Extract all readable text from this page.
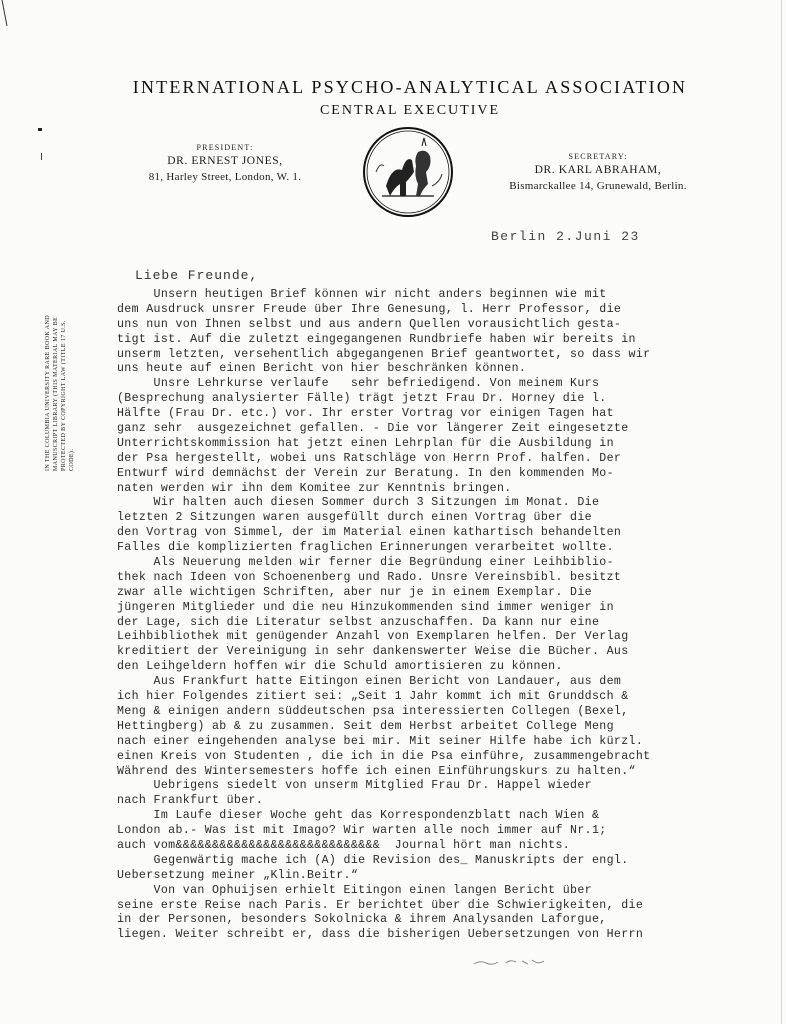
INTERNATIONAL PSYCHO-ANALYTICAL ASSOCIATION
CENTRAL EXECUTIVE
PRESIDENT:
DR. ERNEST JONES,
81, Harley Street, London, W. 1.
SECRETARY:
DR. KARL ABRAHAM,
Bismarckallee 14, Grunewald, Berlin.
IN THE COLUMBIA UNIVERSITY RARE BOOK AND MANUSCRIPT LIBRARY (THIS MATERIAL MAY BE PROTECTED BY COPYRIGHT LAW (TITLE 17 U.S. CODE).
Berlin 2.Juni 23
Liebe Freunde,
Unsern heutigen Brief können wir nicht anders beginnen wie mit
dem Ausdruck unsrer Freude über Ihre Genesung, l. Herr Professor, die
uns nun von Ihnen selbst und aus andern Quellen vorausichtlich gesta-
tigt ist. Auf die zuletzt eingegangenen Rundbriefe haben wir bereits in
unserm letzten, versehentlich abgegangenen Brief geantwortet, so dass wir
uns heute auf einen Bericht von hier beschränken können.
Unsre Lehrkurse verlaufe   sehr befriedigend. Von meinem Kurs
(Besprechung analysierter Fälle) trägt jetzt Frau Dr. Horney die l.
Hälfte (Frau Dr. etc.) vor. Ihr erster Vortrag vor einigen Tagen hat
ganz sehr  ausgezeichnet gefallen. - Die vor längerer Zeit eingesetzte
Unterrichtskommission hat jetzt einen Lehrplan für die Ausbildung in
der Psa hergestellt, wobei uns Ratschläge von Herrn Prof. halfen. Der
Entwurf wird demnächst der Verein zur Beratung. In den kommenden Mo-
naten werden wir ihn dem Komitee zur Kenntnis bringen.
Wir halten auch diesen Sommer durch 3 Sitzungen im Monat. Die
letzten 2 Sitzungen waren ausgefüllt durch einen Vortrag über die
den Vortrag von Simmel, der im Material einen kathartisch behandelten
Falles die komplizierten fraglichen Erinnerungen verarbeitet wollte.
Als Neuerung melden wir ferner die Begründung einer Leihbiblio-
thek nach Ideen von Schoenenberg und Rado. Unsre Vereinsbibl. besitzt
zwar alle wichtigen Schriften, aber nur je in einem Exemplar. Die
jüngeren Mitglieder und die neu Hinzukommenden sind immer weniger in
der Lage, sich die Literatur selbst anzuschaffen. Da kann nur eine
Leihbibliothek mit genügender Anzahl von Exemplaren helfen. Der Verlag
kreditiert der Vereinigung in sehr dankenswerter Weise die Bücher. Aus
den Leihgeldern hoffen wir die Schuld amortisieren zu können.
Aus Frankfurt hatte Eitingon einen Bericht von Landauer, aus dem
ich hier Folgendes zitiert sei: „Seit 1 Jahr kommt ich mit Grunddsch &
Meng & einigen andern süddeutschen psa interessierten Collegen (Bexel,
Hettingberg) ab & zu zusammen. Seit dem Herbst arbeitet College Meng
nach einer eingehenden analyse bei mir. Mit seiner Hilfe habe ich kürzl.
einen Kreis von Studenten , die ich in die Psa einführe, zusammengebracht
Während des Wintersemesters hoffe ich einen Einführungskurs zu halten.“
Uebrigens siedelt von unserm Mitglied Frau Dr. Happel wieder
nach Frankfurt über.
Im Laufe dieser Woche geht das Korrespondenzblatt nach Wien &
London ab.- Was ist mit Imago? Wir warten alle noch immer auf Nr.1;
auch vom&&&&&&&&&&&&&&&&&&&&&&&&&&&&  Journal hört man nichts.
Gegenwärtig mache ich (A) die Revision des_ Manuskripts der engl.
Uebersetzung meiner „Klin.Beitr.“
Von van Ophuijsen erhielt Eitingon einen langen Bericht über
seine erste Reise nach Paris. Er berichtet über die Schwierigkeiten, die
in der Personen, besonders Sokolnicka & ihrem Analysanden Laforgue,
liegen. Weiter schreibt er, dass die bisherigen Uebersetzungen von Herrn
